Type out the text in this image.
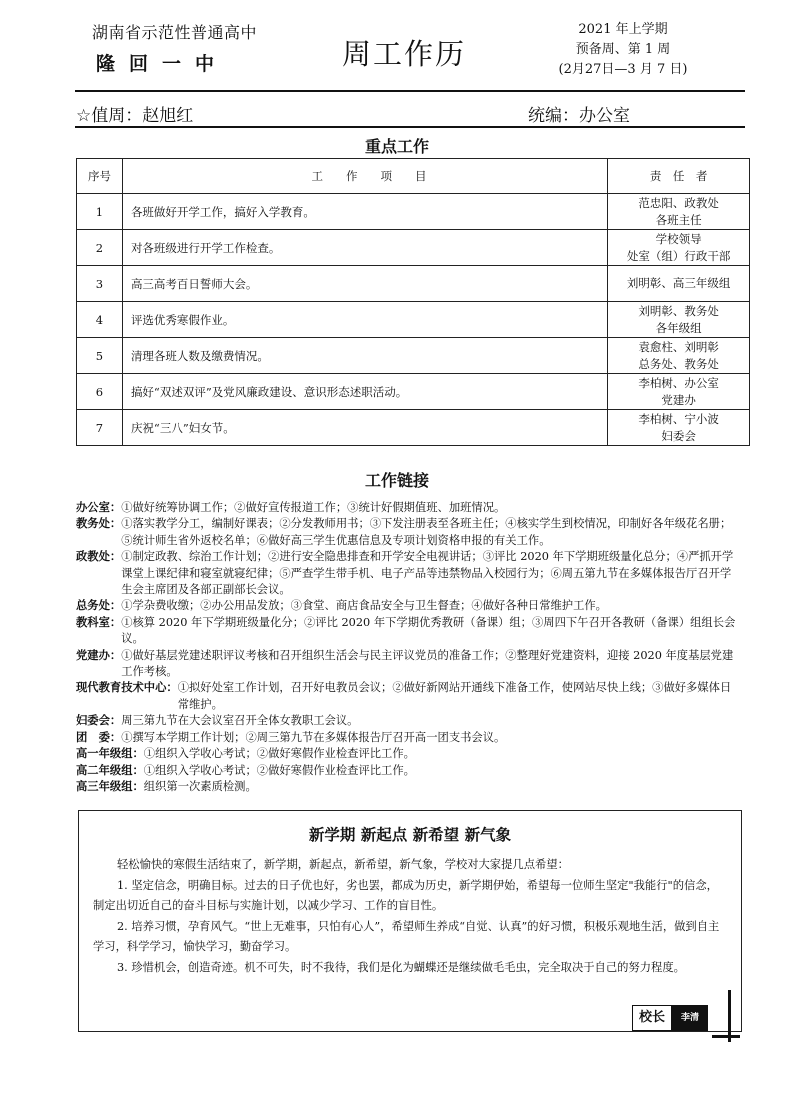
湖南省示范性普通高中
隆回一中	周工作历
2021 年上学期
预备周、第 1 周
(2月27日—3 月 7 日)
☆值周：赵旭红	统编：办公室
重点工作
序号	工　　作　　项　　目	责　任　者
1	各班做好开学工作，搞好入学教育。	范忠阳、政教处
各班主任

2	对各班级进行开学工作检查。	学校领导
处室（组）行政干部

3	高三高考百日誓师大会。	刘明彰、高三年级组

4	评选优秀寒假作业。	刘明彰、教务处
各年级组

5	清理各班人数及缴费情况。	袁愈柱、刘明彰
总务处、教务处

6	搞好“双述双评”及党风廉政建设、意识形态述职活动。	李柏树、办公室
党建办

7	庆祝“三八”妇女节。	李柏树、宁小波
妇委会
工作链接
办公室： ①做好统筹协调工作；②做好宣传报道工作；③统计好假期值班、加班情况。
教务处： ①落实教学分工，编制好课表；②分发教师用书；③下发注册表至各班主任；④核实学生到校情况，印制好各年级花名册；⑤统计师生省外返校名单；⑥做好高三学生优惠信息及专项计划资格申报的有关工作。
政教处： ①制定政教、综治工作计划；②进行安全隐患排查和开学安全电视讲话；③评比 2020 年下学期班级量化总分；④严抓开学课堂上课纪律和寝室就寝纪律；⑤严查学生带手机、电子产品等违禁物品入校园行为；⑥周五第九节在多媒体报告厅召开学生会主席团及各部正副部长会议。
总务处： ①学杂费收缴；②办公用品发放；③食堂、商店食品安全与卫生督查；④做好各种日常维护工作。
教科室： ①核算 2020 年下学期班级量化分；②评比 2020 年下学期优秀教研（备课）组；③周四下午召开各教研（备课）组组长会议。
党建办： ①做好基层党建述职评议考核和召开组织生活会与民主评议党员的准备工作；②整理好党建资料，迎接 2020 年度基层党建工作考核。
现代教育技术中心： ①拟好处室工作计划，召开好电教员会议；②做好新网站开通线下准备工作，使网站尽快上线；③做好多媒体日常维护。
妇委会： 周三第九节在大会议室召开全体女教职工会议。
团　委： ①撰写本学期工作计划；②周三第九节在多媒体报告厅召开高一团支书会议。
高一年级组： ①组织入学收心考试；②做好寒假作业检查评比工作。
高二年级组： ①组织入学收心考试；②做好寒假作业检查评比工作。
高三年级组： 组织第一次素质检测。
新学期 新起点 新希望 新气象

轻松愉快的寒假生活结束了，新学期，新起点，新希望，新气象，学校对大家提几点希望：

1. 坚定信念，明确目标。过去的日子优也好，劣也罢，都成为历史，新学期伊始，希望每一位师生坚定"我能行"的信念，制定出切近自己的奋斗目标与实施计划，以减少学习、工作的盲目性。

2. 培养习惯，孕育风气。“世上无难事，只怕有心人”，希望师生养成“自觉、认真”的好习惯，积极乐观地生活，做到自主学习，科学学习，愉快学习，勤奋学习。

3. 珍惜机会，创造奇迹。机不可失，时不我待，我们是化为蝴蝶还是继续做毛毛虫，完全取决于自己的努力程度。

校长	李清
